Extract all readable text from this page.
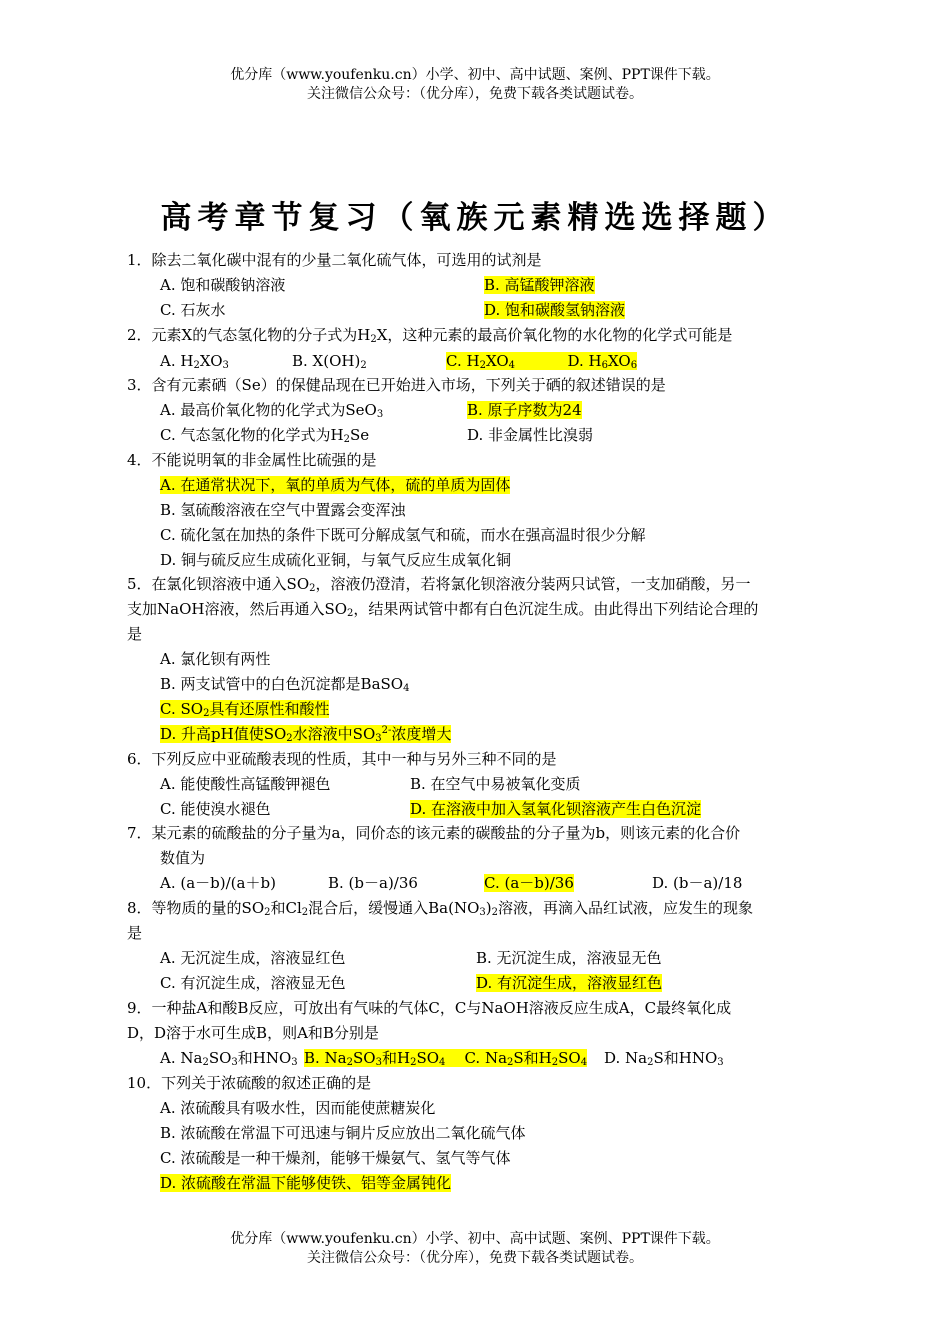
优分库（www.youfenku.cn）小学、初中、高中试题、案例、PPT课件下载。
关注微信公众号：（优分库），免费下载各类试题试卷。
高考章节复习（氧族元素精选选择题）
1．除去二氧化碳中混有的少量二氧化硫气体，可选用的试剂是
A. 饱和碳酸钠溶液	B. 高锰酸钾溶液
C. 石灰水	D. 饱和碳酸氢钠溶液
2．元素X的气态氢化物的分子式为$H_2X$，这种元素的最高价氧化物的水化物的化学式可能是
A. $H_2XO_3$	B. $X(OH)_2$	C. $H_2XO_4$	D. $H_6XO_6$
3．含有元素硒（Se）的保健品现在已开始进入市场，下列关于硒的叙述错误的是
A. 最高价氧化物的化学式为SeO$_3$	B. 原子序数为24
C. 气态氢化物的化学式为$H_2Se$	D. 非金属性比溴弱
4．不能说明氧的非金属性比硫强的是
A. 在通常状况下，氧的单质为气体，硫的单质为固体
B. 氢硫酸溶液在空气中置露会变浑浊
C. 硫化氢在加热的条件下既可分解成氢气和硫，而水在强高温时很少分解
D. 铜与硫反应生成硫化亚铜，与氧气反应生成氧化铜
5．在氯化钡溶液中通入$SO_2$，溶液仍澄清，若将氯化钡溶液分装两只试管，一支加硝酸，另一
支加NaOH溶液，然后再通入$SO_2$，结果两试管中都有白色沉淀生成。由此得出下列结论合理的
是
A. 氯化钡有两性
B. 两支试管中的白色沉淀都是BaSO$_4$
C. $SO_2$具有还原性和酸性
D. 升高pH值使$SO_2$水溶液中$SO_3^{2-}$浓度增大
6．下列反应中亚硫酸表现的性质，其中一种与另外三种不同的是
A. 能使酸性高锰酸钾褪色	B. 在空气中易被氧化变质
C. 能使溴水褪色	D. 在溶液中加入氢氧化钡溶液产生白色沉淀
7．某元素的硫酸盐的分子量为a，同价态的该元素的碳酸盐的分子量为b，则该元素的化合价
数值为
A. (a－b)/(a＋b)	B. (b－a)/36	C. (a－b)/36	D. (b－a)/18
8．等物质的量的$SO_2$和$Cl_2$混合后，缓慢通入$Ba(NO_3)_2$溶液，再滴入品红试液，应发生的现象
是
A. 无沉淀生成，溶液显红色	B. 无沉淀生成，溶液显无色
C. 有沉淀生成，溶液显无色	D. 有沉淀生成，溶液显红色
9．一种盐A和酸B反应，可放出有气味的气体C，C与NaOH溶液反应生成A，C最终氧化成
D，D溶于水可生成B，则A和B分别是
A. $Na_2SO_3$和$HNO_3$ B. $Na_2SO_3$和$H_2SO_4$ C. $Na_2S$和$H_2SO_4$ D. $Na_2S$和$HNO_3$
10．下列关于浓硫酸的叙述正确的是
A. 浓硫酸具有吸水性，因而能使蔗糖炭化
B. 浓硫酸在常温下可迅速与铜片反应放出二氧化硫气体
C. 浓硫酸是一种干燥剂，能够干燥氨气、氢气等气体
D. 浓硫酸在常温下能够使铁、铝等金属钝化
优分库（www.youfenku.cn）小学、初中、高中试题、案例、PPT课件下载。
关注微信公众号：（优分库），免费下载各类试题试卷。
